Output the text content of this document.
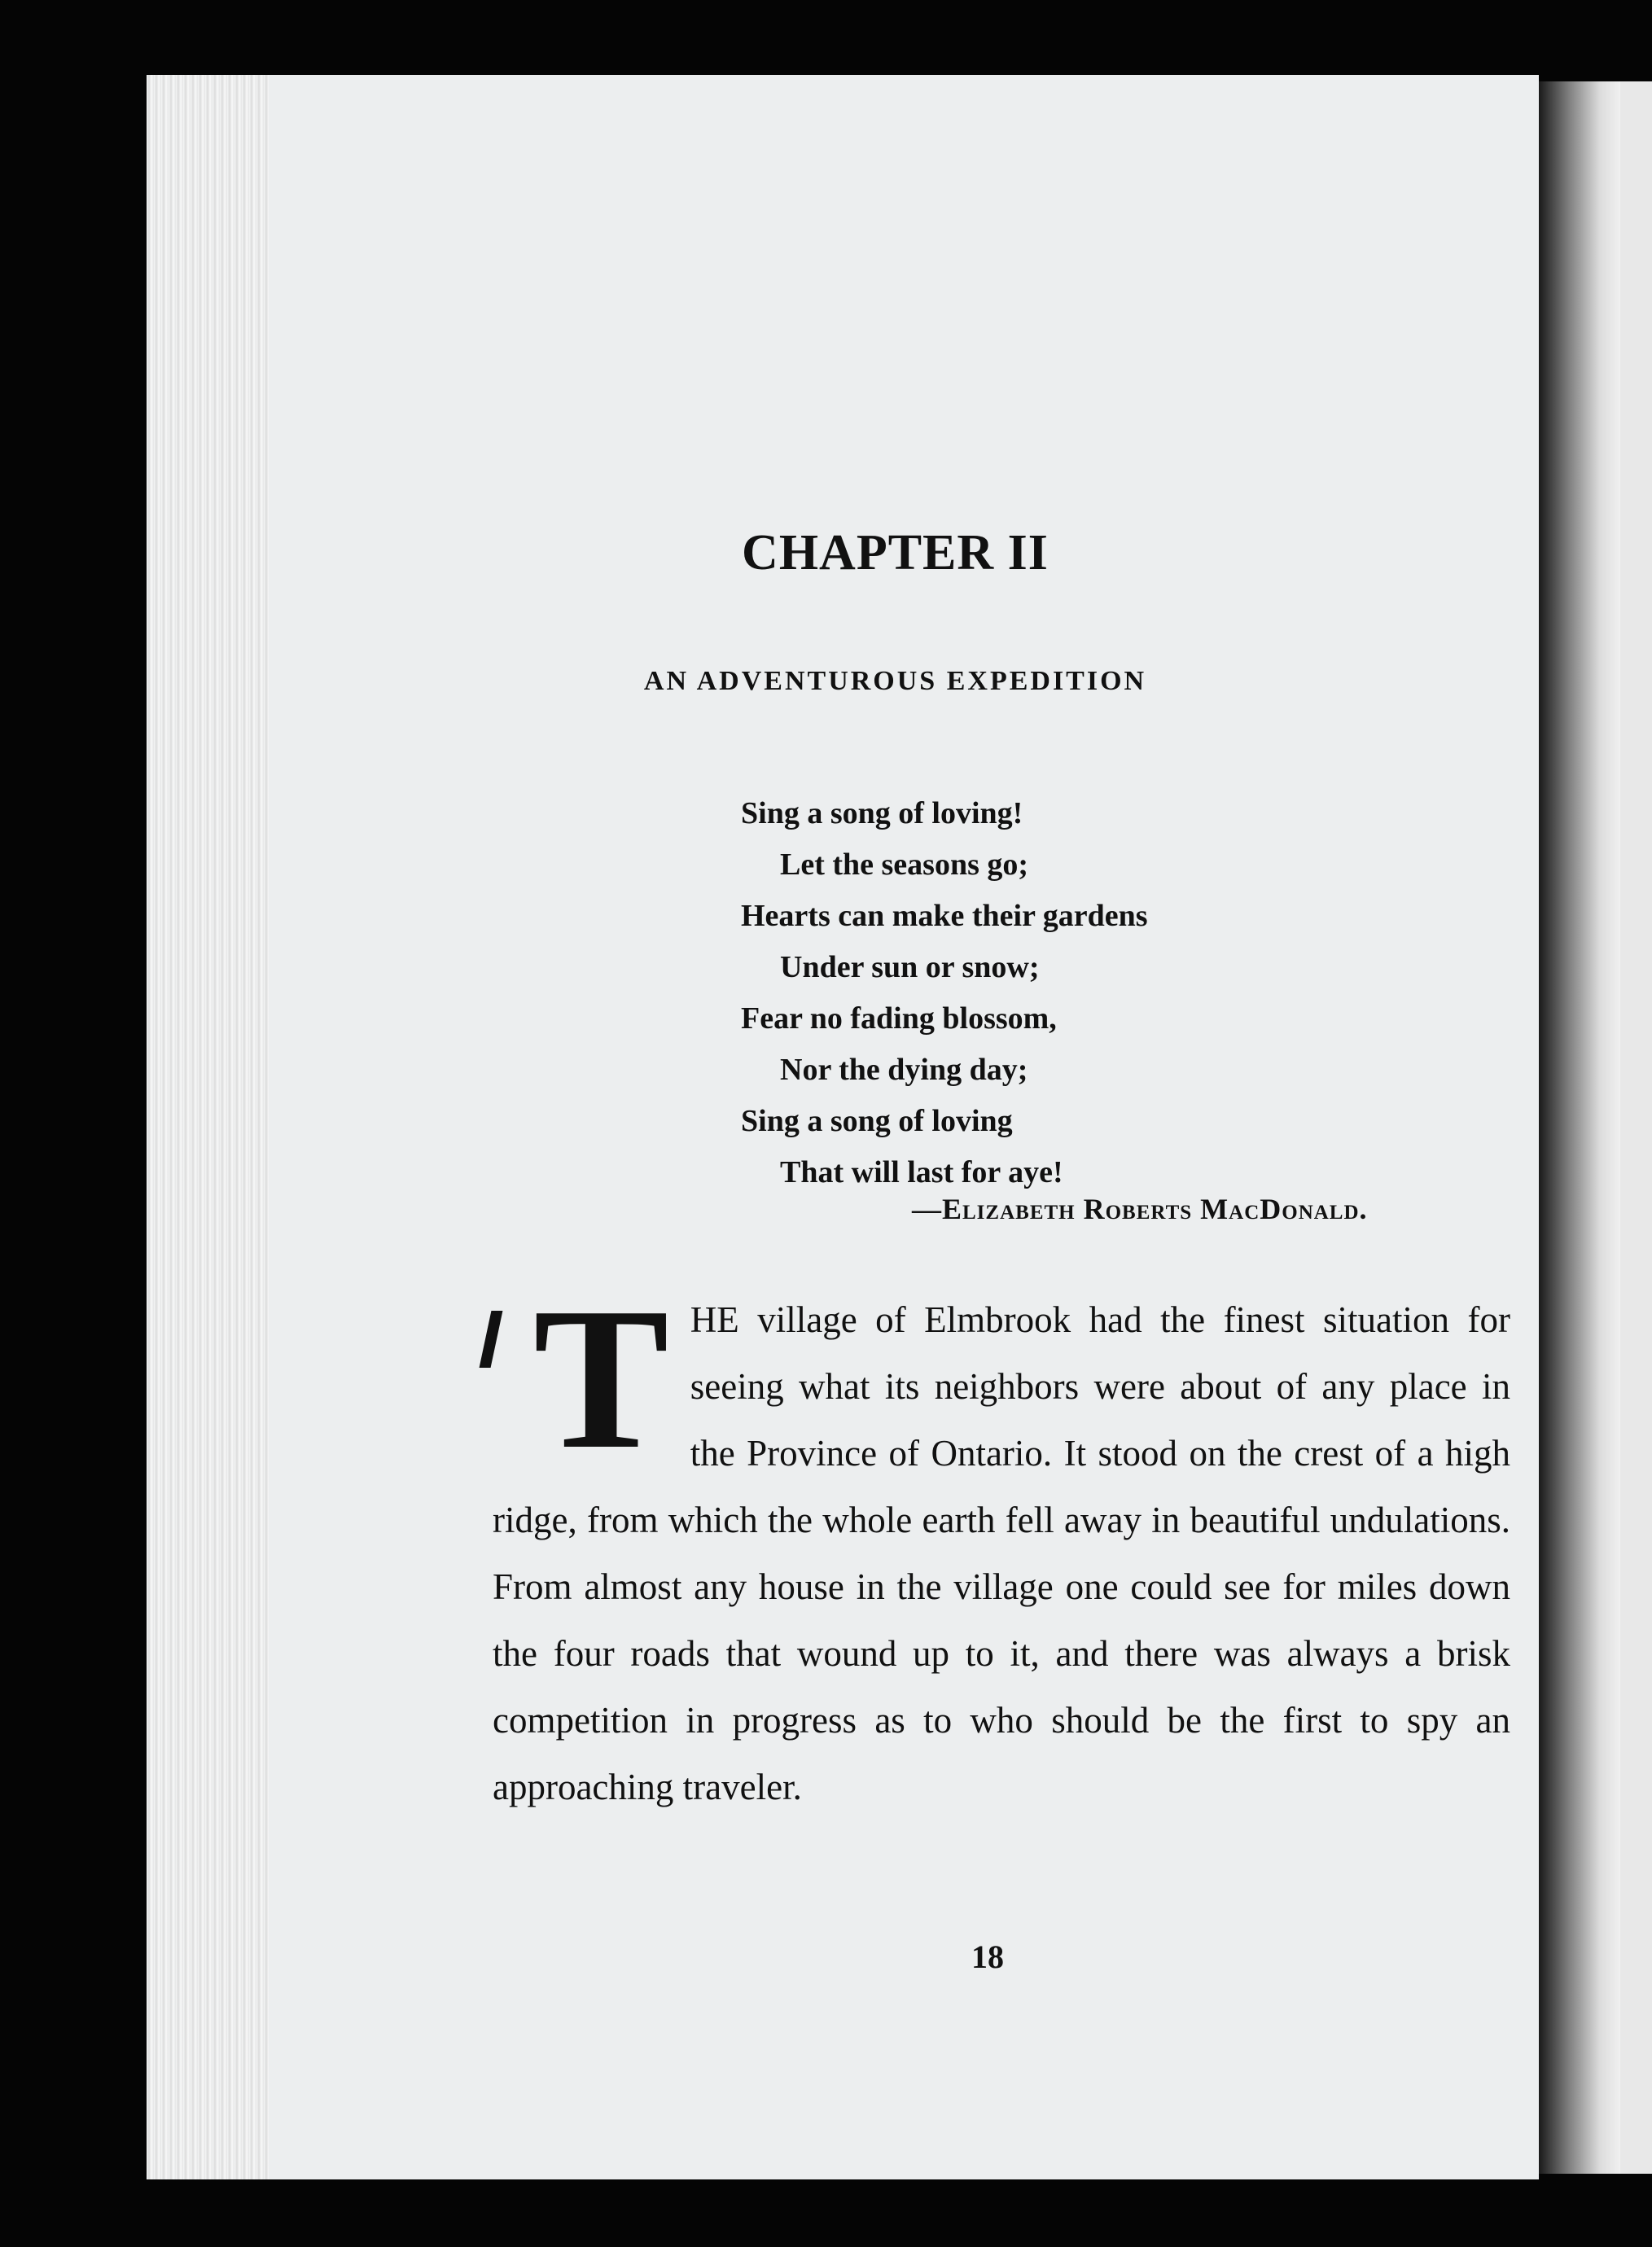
CHAPTER II
AN ADVENTUROUS EXPEDITION
Sing a song of loving!
Let the seasons go;
Hearts can make their gardens
Under sun or snow;
Fear no fading blossom,
Nor the dying day;
Sing a song of loving
That will last for aye!
—Elizabeth Roberts MacDonald.
T HE village of Elmbrook had the finest situation for seeing what its neighbors were about of any place in the Province of Ontario. It stood on the crest of a high ridge, from which the whole earth fell away in beautiful undulations. From almost any house in the village one could see for miles down the four roads that wound up to it, and there was always a brisk competition in progress as to who should be the first to spy an approaching traveler.
18
